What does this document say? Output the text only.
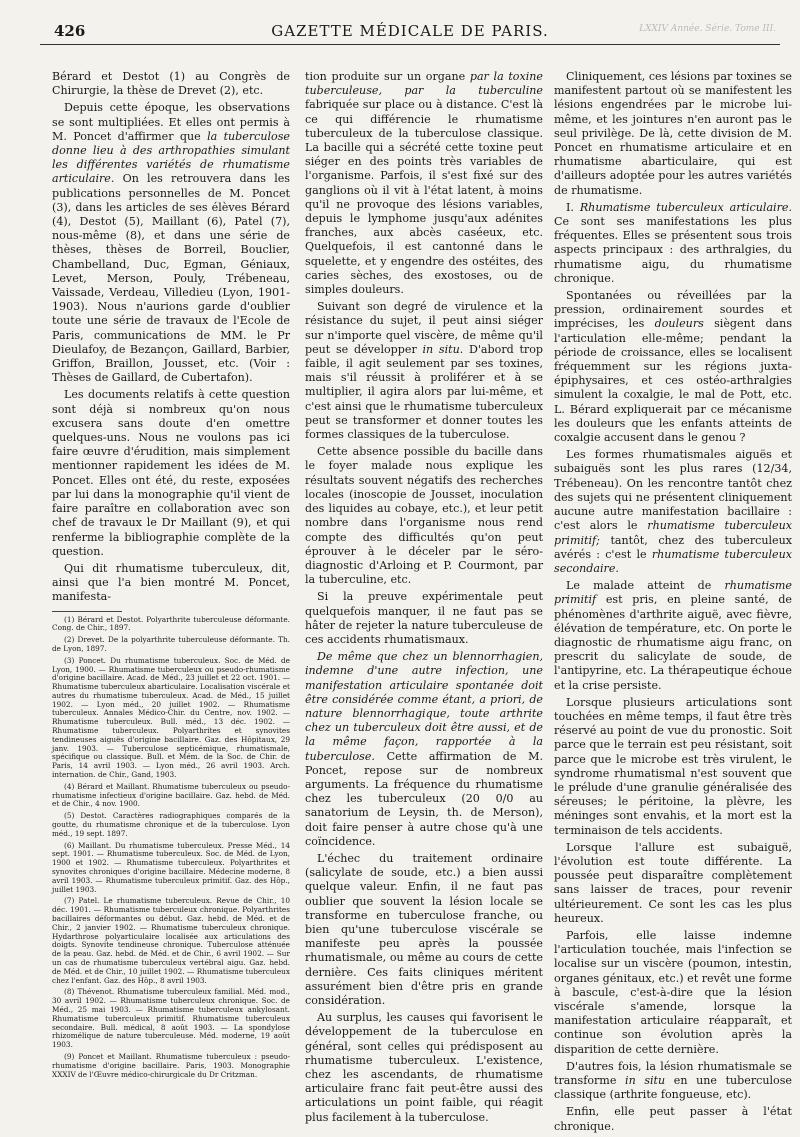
426	GAZETTE MÉDICALE DE PARIS.	LXXIV Année. Série. Tome III.

Bérard et Destot (1) au Congrès de Chirurgie, la thèse de Drevet (2), etc.

Depuis cette époque, les observations se sont multipliées. Et elles ont permis à M. Poncet d'affirmer que la tuberculose donne lieu à des arthropathies simulant les différentes variétés de rhumatisme articulaire. On les retrouvera dans les publications personnelles de M. Poncet (3), dans les articles de ses élèves Bérard (4), Destot (5), Maillant (6), Patel (7), nous-même (8), et dans une série de thèses, thèses de Borreil, Bouclier, Chambelland, Duc, Egman, Géniaux, Levet, Merson, Pouly, Trébeneau, Vaissade, Verdeau, Villedieu (Lyon, 1901-1903). Nous n'aurions garde d'oublier toute une série de travaux de l'Ecole de Paris, communications de MM. le Pr Dieulafoy, de Bezançon, Gaillard, Barbier, Griffon, Braillon, Jousset, etc. (Voir : Thèses de Gaillard, de Cubertafon).

Les documents relatifs à cette question sont déjà si nombreux qu'on nous excusera sans doute d'en omettre quelques-uns. Nous ne voulons pas ici faire œuvre d'érudition, mais simplement mentionner rapidement les idées de M. Poncet. Elles ont été, du reste, exposées par lui dans la monographie qu'il vient de faire paraître en collaboration avec son chef de travaux le Dr Maillant (9), et qui renferme la bibliographie complète de la question.

Qui dit rhumatisme tuberculeux, dit, ainsi que l'a bien montré M. Poncet, manifesta-

(1) Bérard et Destot. Polyarthrite tuberculeuse déformante. Cong. de Chir., 1897.

(2) Drevet. De la polyarthrite tuberculeuse déformante. Th. de Lyon, 1897.

(3) Poncet. Du rhumatisme tuberculeux. Soc. de Méd. de Lyon, 1900. — Rhumatisme tuberculeux ou pseudo-rhumatisme d'origine bacillaire. Acad. de Méd., 23 juillet et 22 oct. 1901. — Rhumatisme tuberculeux abarticulaire. Localisation viscérale et autres du rhumatisme tuberculeux. Acad. de Méd., 15 juillet 1902. — Lyon méd., 20 juillet 1902. — Rhumatisme tuberculeux. Annales Médico-Chir. du Centre, nov. 1902. — Rhumatisme tuberculeux. Bull. méd., 13 déc. 1902. — Rhumatisme tuberculeux. Polyarthrites et synovites tendineuses aiguës d'origine bacillaire. Gaz. des Hôpitaux, 29 janv. 1903. — Tuberculose septicémique, rhumatismale, spécifique ou classique. Bull. et Mém. de la Soc. de Chir. de Paris, 14 avril 1903. — Lyon méd., 26 avril 1903. Arch. internation. de Chir., Gand, 1903.

(4) Bérard et Maillant. Rhumatisme tuberculeux ou pseudo-rhumatisme infectieux d'origine bacillaire. Gaz. hebd. de Méd. et de Chir., 4 nov. 1900.

(5) Destot. Caractères radiographiques comparés de la goutte, du rhumatisme chronique et de la tuberculose. Lyon méd., 19 sept. 1897.

(6) Maillant. Du rhumatisme tuberculeux. Presse Méd., 14 sept. 1901. — Rhumatisme tuberculeux. Soc. de Méd. de Lyon, 1900 et 1902. — Rhumatisme tuberculeux. Polyarthrites et synovites chroniques d'origine bacillaire. Médecine moderne, 8 avril 1903. — Rhumatisme tuberculeux primitif. Gaz. des Hôp., juillet 1903.

(7) Patel. Le rhumatisme tuberculeux. Revue de Chir., 10 déc. 1901. — Rhumatisme tuberculeux chronique. Polyarthrites bacillaires déformantes ou début. Gaz. hebd. de Méd. et de Chir., 2 janvier 1902. — Rhumatisme tuberculeux chronique. Hydarthrose polyarticulaire localisée aux articulations des doigts. Synovite tendineuse chronique. Tuberculose atténuée de la peau. Gaz. hebd. de Méd. et de Chir., 6 avril 1902. — Sur un cas de rhumatisme tuberculeux vertébral aigu. Gaz. hebd. de Méd. et de Chir., 10 juillet 1902. — Rhumatisme tuberculeux chez l'enfant. Gaz. des Hôp., 8 avril 1903.

(8) Thévenot. Rhumatisme tuberculeux familial. Méd. mod., 30 avril 1902. — Rhumatisme tuberculeux chronique. Soc. de Méd., 25 mai 1903. — Rhumatisme tuberculeux ankylosant. Rhumatisme tuberculeux primitif. Rhumatisme tuberculeux secondaire. Bull. médical, 8 août 1903. — La spondylose rhizomélique de nature tuberculeuse. Méd. moderne, 19 août 1903.

(9) Poncet et Maillant. Rhumatisme tuberculeux : pseudo-rhumatisme d'origine bacillaire. Paris, 1903. Monographie XXXIV de l'Œuvre médico-chirurgicale du Dr Critzman.

tion produite sur un organe par la toxine tuberculeuse, par la tuberculine fabriquée sur place ou à distance. C'est là ce qui différencie le rhumatisme tuberculeux de la tuberculose classique. La bacille qui a sécrété cette toxine peut siéger en des points très variables de l'organisme. Parfois, il s'est fixé sur des ganglions où il vit à l'état latent, à moins qu'il ne provoque des lésions variables, depuis le lymphome jusqu'aux adénites franches, aux abcès caséeux, etc. Quelquefois, il est cantonné dans le squelette, et y engendre des ostéites, des caries sèches, des exostoses, ou de simples douleurs.

Suivant son degré de virulence et la résistance du sujet, il peut ainsi siéger sur n'importe quel viscère, de même qu'il peut se développer in situ. D'abord trop faible, il agit seulement par ses toxines, mais s'il réussit à proliférer et à se multiplier, il agira alors par lui-même, et c'est ainsi que le rhumatisme tuberculeux peut se transformer et donner toutes les formes classiques de la tuberculose.

Cette absence possible du bacille dans le foyer malade nous explique les résultats souvent négatifs des recherches locales (inoscopie de Jousset, inoculation des liquides au cobaye, etc.), et leur petit nombre dans l'organisme nous rend compte des difficultés qu'on peut éprouver à le déceler par le séro-diagnostic d'Arloing et P. Courmont, par la tuberculine, etc.

Si la preuve expérimentale peut quelquefois manquer, il ne faut pas se hâter de rejeter la nature tuberculeuse de ces accidents rhumatismaux.

De même que chez un blennorrhagien, indemne d'une autre infection, une manifestation articulaire spontanée doit être considérée comme étant, a priori, de nature blennorrhagique, toute arthrite chez un tuberculeux doit être aussi, et de la même façon, rapportée à la tuberculose. Cette affirmation de M. Poncet, repose sur de nombreux arguments. La fréquence du rhumatisme chez les tuberculeux (20 0/0 au sanatorium de Leysin, th. de Merson), doit faire penser à autre chose qu'à une coïncidence.

L'échec du traitement ordinaire (salicylate de soude, etc.) a bien aussi quelque valeur. Enfin, il ne faut pas oublier que souvent la lésion locale se transforme en tuberculose franche, ou bien qu'une tuberculose viscérale se manifeste peu après la poussée rhumatismale, ou même au cours de cette dernière. Ces faits cliniques méritent assurément bien d'être pris en grande considération.

Au surplus, les causes qui favorisent le développement de la tuberculose en général, sont celles qui prédisposent au rhumatisme tuberculeux. L'existence, chez les ascendants, de rhumatisme articulaire franc fait peut-être aussi des articulations un point faible, qui réagit plus facilement à la tuberculose.

Cliniquement, ces lésions par toxines se manifestent partout où se manifestent les lésions engendrées par le microbe lui-même, et les jointures n'en auront pas le seul privilège. De là, cette division de M. Poncet en rhumatisme articulaire et en rhumatisme abarticulaire, qui est d'ailleurs adoptée pour les autres variétés de rhumatisme.

I. Rhumatisme tuberculeux articulaire. Ce sont ses manifestations les plus fréquentes. Elles se présentent sous trois aspects principaux : des arthralgies, du rhumatisme aigu, du rhumatisme chronique.

Spontanées ou réveillées par la pression, ordinairement sourdes et imprécises, les douleurs siègent dans l'articulation elle-même; pendant la période de croissance, elles se localisent fréquemment sur les régions juxta-épiphysaires, et ces ostéo-arthralgies simulent la coxalgie, le mal de Pott, etc. L. Bérard expliquerait par ce mécanisme les douleurs que les enfants atteints de coxalgie accusent dans le genou ?

Les formes rhumatismales aiguës et subaiguës sont les plus rares (12/34, Trébeneau). On les rencontre tantôt chez des sujets qui ne présentent cliniquement aucune autre manifestation bacillaire : c'est alors le rhumatisme tuberculeux primitif; tantôt, chez des tuberculeux avérés : c'est le rhumatisme tuberculeux secondaire.

Le malade atteint de rhumatisme primitif est pris, en pleine santé, de phénomènes d'arthrite aiguë, avec fièvre, élévation de température, etc. On porte le diagnostic de rhumatisme aigu franc, on prescrit du salicylate de soude, de l'antipyrine, etc. La thérapeutique échoue et la crise persiste.

Lorsque plusieurs articulations sont touchées en même temps, il faut être très réservé au point de vue du pronostic. Soit parce que le terrain est peu résistant, soit parce que le microbe est très virulent, le syndrome rhumatismal n'est souvent que le prélude d'une granulie généralisée des séreuses; le péritoine, la plèvre, les méninges sont envahis, et la mort est la terminaison de tels accidents.

Lorsque l'allure est subaiguë, l'évolution est toute différente. La poussée peut disparaître complètement sans laisser de traces, pour revenir ultérieurement. Ce sont les cas les plus heureux.

Parfois, elle laisse indemne l'articulation touchée, mais l'infection se localise sur un viscère (poumon, intestin, organes génitaux, etc.) et revêt une forme à bascule, c'est-à-dire que la lésion viscérale s'amende, lorsque la manifestation articulaire réapparaît, et continue son évolution après la disparition de cette dernière.

D'autres fois, la lésion rhumatismale se transforme in situ en une tuberculose classique (arthrite fongueuse, etc).

Enfin, elle peut passer à l'état chronique.
